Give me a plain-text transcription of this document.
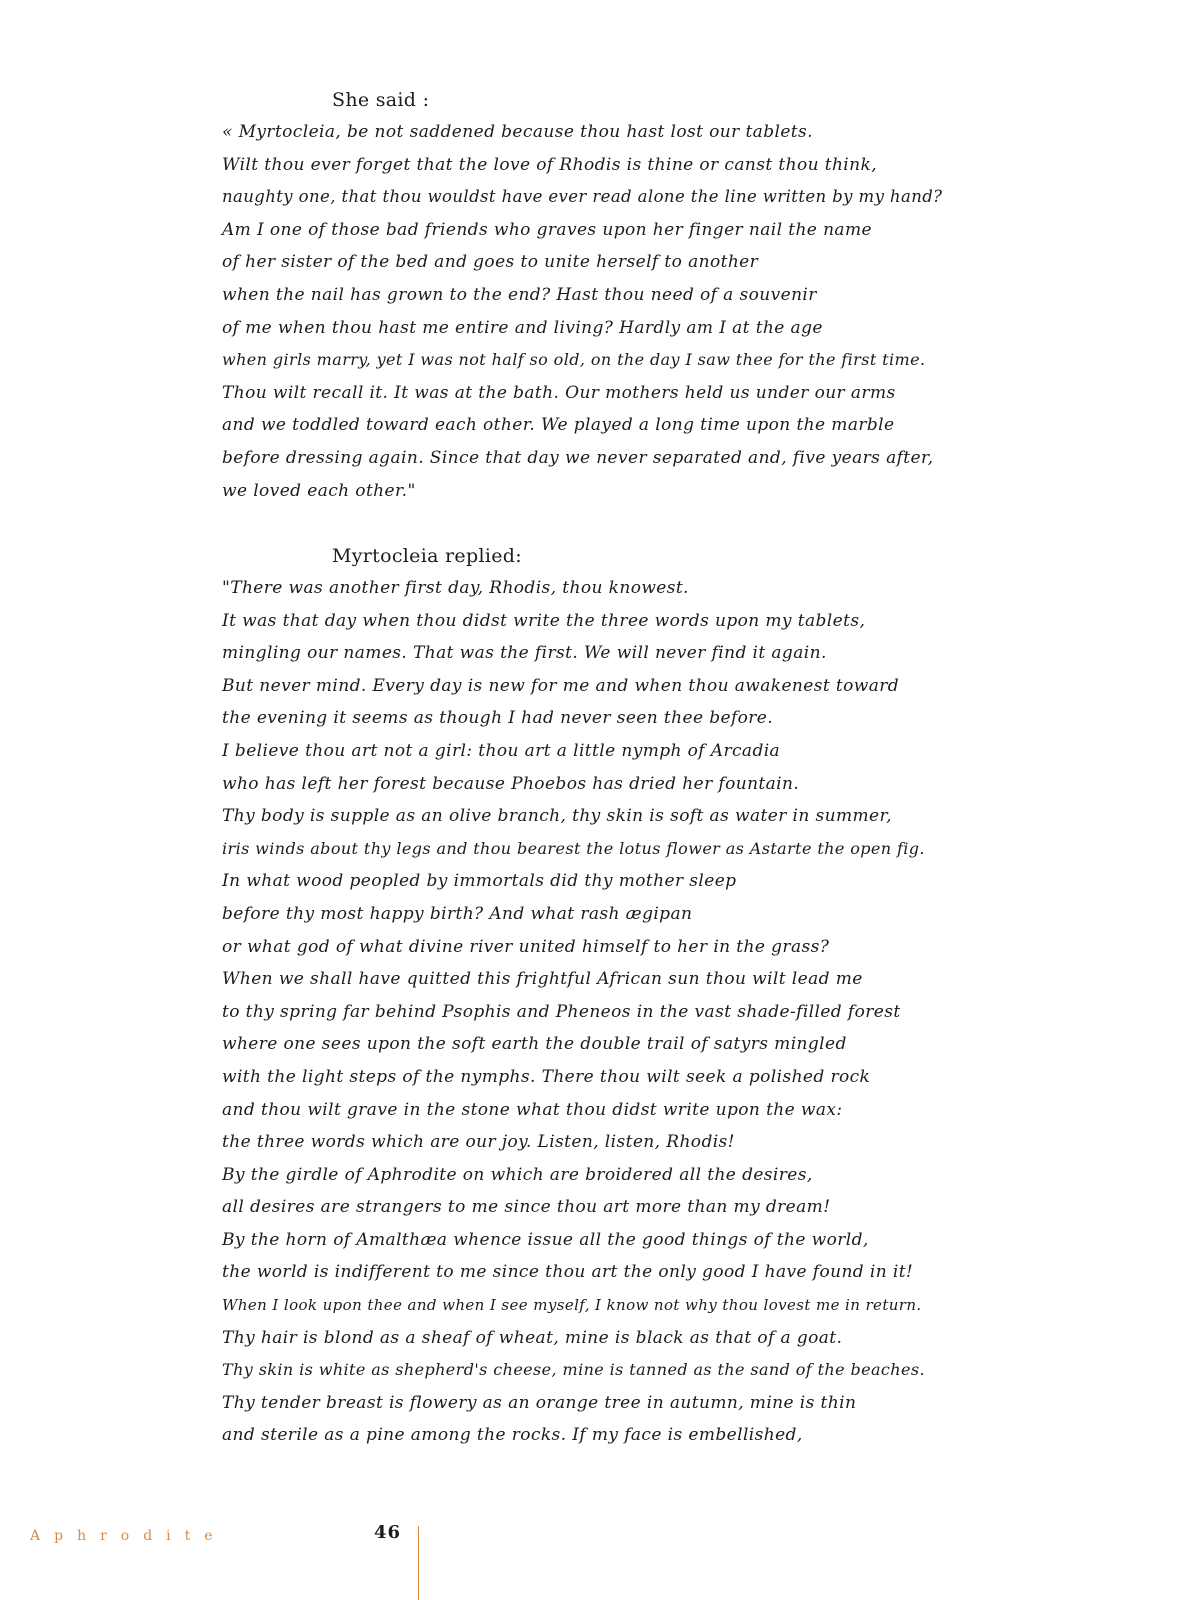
She said :
« Myrtocleia, be not saddened because thou hast lost our tablets.
Wilt thou ever forget that the love of Rhodis is thine or canst thou think,
naughty one, that thou wouldst have ever read alone the line written by my hand?
Am I one of those bad friends who graves upon her finger nail the name
of her sister of the bed and goes to unite herself to another
when the nail has grown to the end? Hast thou need of a souvenir
of me when thou hast me entire and living? Hardly am I at the age
when girls marry, yet I was not half so old, on the day I saw thee for the first time.
Thou wilt recall it. It was at the bath. Our mothers held us under our arms
and we toddled toward each other. We played a long time upon the marble
before dressing again. Since that day we never separated and, five years after,
we loved each other."
Myrtocleia replied:
"There was another first day, Rhodis, thou knowest.
It was that day when thou didst write the three words upon my tablets,
mingling our names. That was the first. We will never find it again.
But never mind. Every day is new for me and when thou awakenest toward
the evening it seems as though I had never seen thee before.
I believe thou art not a girl: thou art a little nymph of Arcadia
who has left her forest because Phoebos has dried her fountain.
Thy body is supple as an olive branch, thy skin is soft as water in summer,
iris winds about thy legs and thou bearest the lotus flower as Astarte the open fig.
In what wood peopled by immortals did thy mother sleep
before thy most happy birth? And what rash ægipan
or what god of what divine river united himself to her in the grass?
When we shall have quitted this frightful African sun thou wilt lead me
to thy spring far behind Psophis and Pheneos in the vast shade-filled forest
where one sees upon the soft earth the double trail of satyrs mingled
with the light steps of the nymphs. There thou wilt seek a polished rock
and thou wilt grave in the stone what thou didst write upon the wax:
the three words which are our joy. Listen, listen, Rhodis!
By the girdle of Aphrodite on which are broidered all the desires,
all desires are strangers to me since thou art more than my dream!
By the horn of Amalthæa whence issue all the good things of the world,
the world is indifferent to me since thou art the only good I have found in it!
When I look upon thee and when I see myself, I know not why thou lovest me in return.
Thy hair is blond as a sheaf of wheat, mine is black as that of a goat.
Thy skin is white as shepherd's cheese, mine is tanned as the sand of the beaches.
Thy tender breast is flowery as an orange tree in autumn, mine is thin
and sterile as a pine among the rocks. If my face is embellished,
Aphrodite	46
